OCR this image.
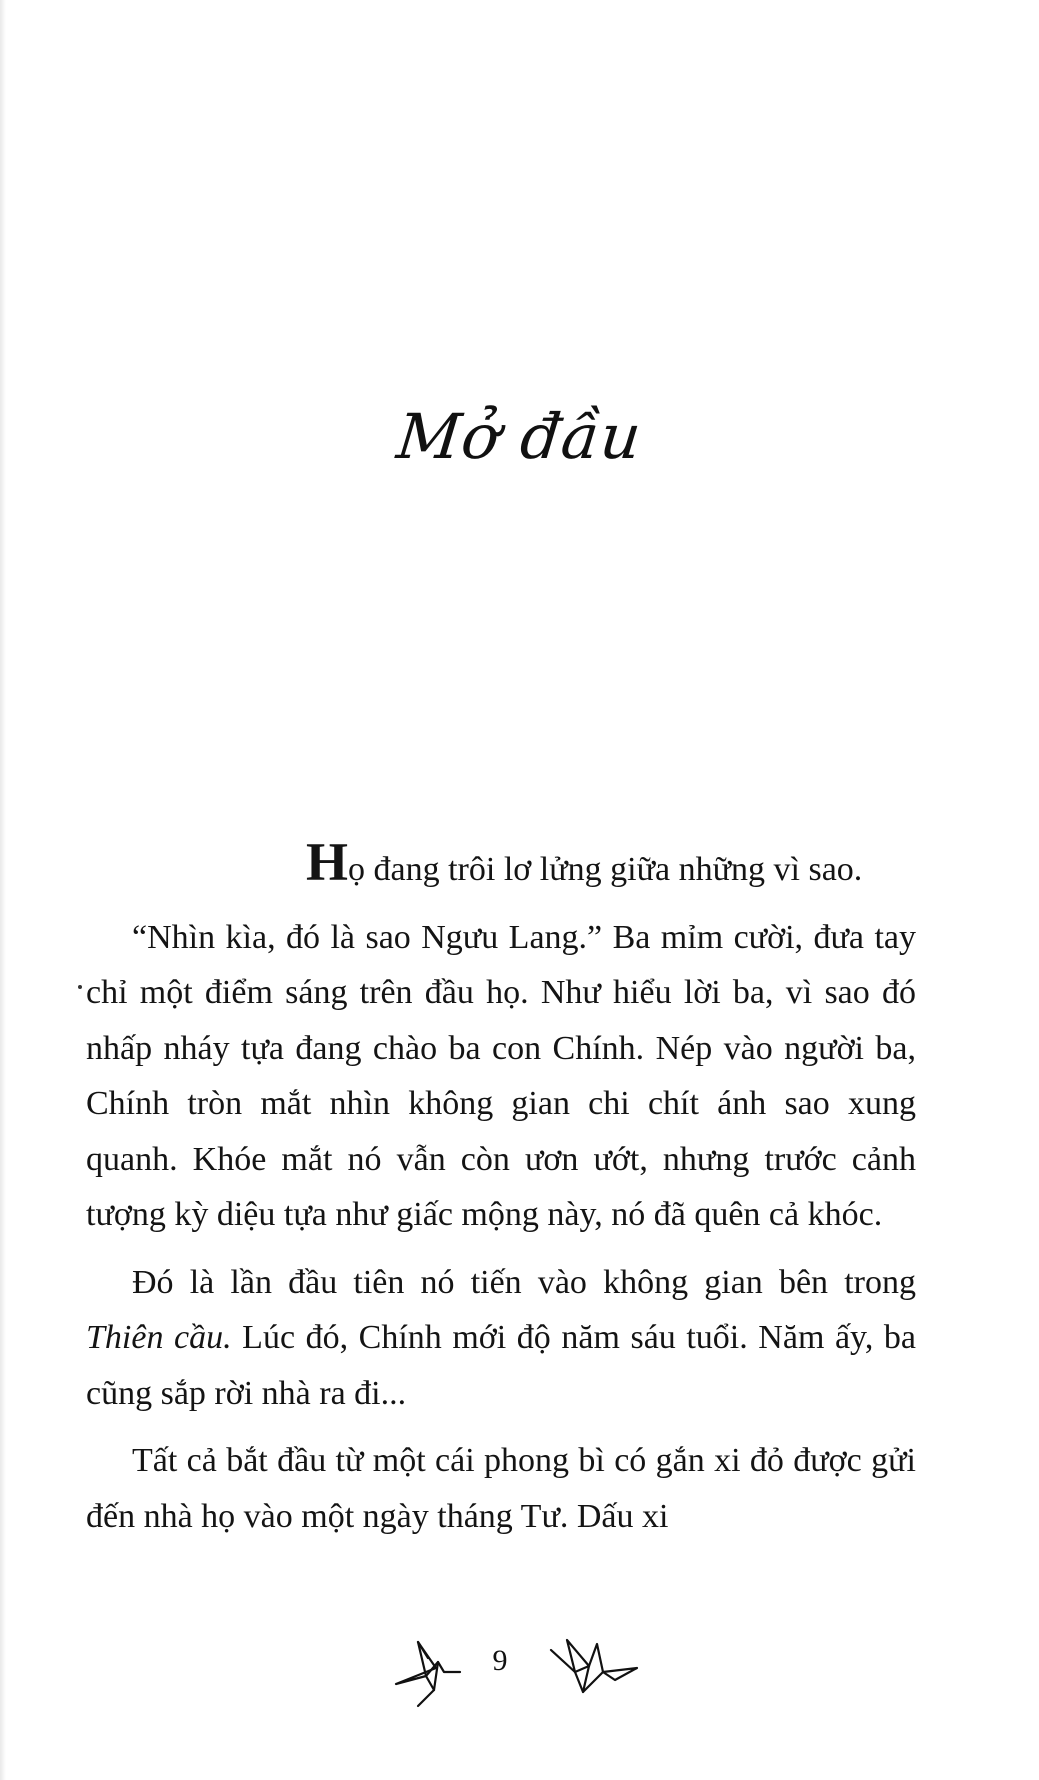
Mở đầu

Họ đang trôi lơ lửng giữa những vì sao.

“Nhìn kìa, đó là sao Ngưu Lang.” Ba mỉm cười, đưa tay chỉ một điểm sáng trên đầu họ. Như hiểu lời ba, vì sao đó nhấp nháy tựa đang chào ba con Chính. Nép vào người ba, Chính tròn mắt nhìn không gian chi chít ánh sao xung quanh. Khóe mắt nó vẫn còn ươn ướt, nhưng trước cảnh tượng kỳ diệu tựa như giấc mộng này, nó đã quên cả khóc.

Đó là lần đầu tiên nó tiến vào không gian bên trong Thiên cầu. Lúc đó, Chính mới độ năm sáu tuổi. Năm ấy, ba cũng sắp rời nhà ra đi...

Tất cả bắt đầu từ một cái phong bì có gắn xi đỏ được gửi đến nhà họ vào một ngày tháng Tư. Dấu xi

9
